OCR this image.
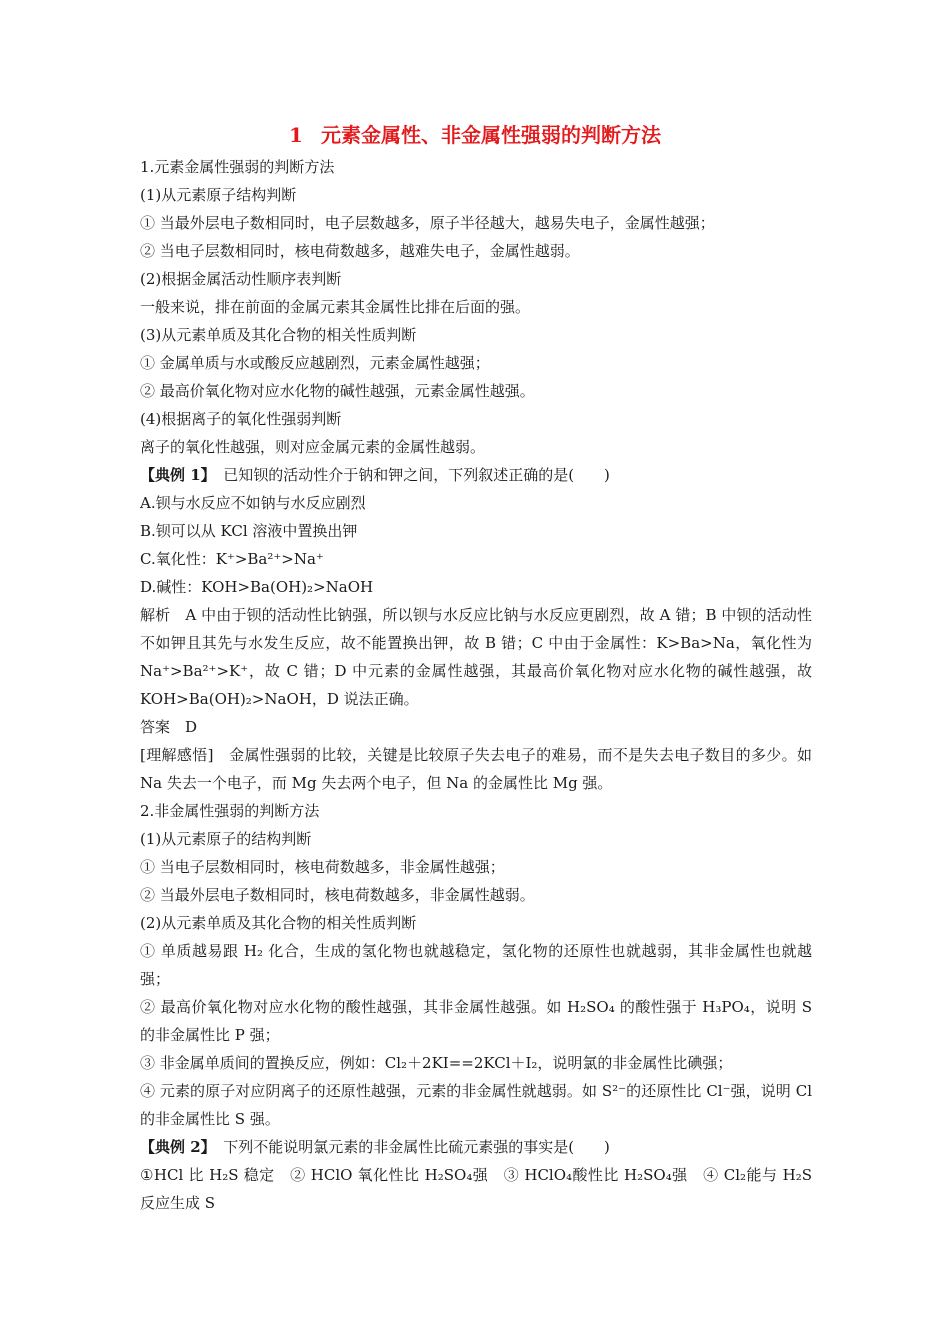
1 元素金属性、非金属性强弱的判断方法

1.元素金属性强弱的判断方法

(1)从元素原子结构判断

① 当最外层电子数相同时，电子层数越多，原子半径越大，越易失电子，金属性越强；

② 当电子层数相同时，核电荷数越多，越难失电子，金属性越弱。

(2)根据金属活动性顺序表判断

一般来说，排在前面的金属元素其金属性比排在后面的强。

(3)从元素单质及其化合物的相关性质判断

① 金属单质与水或酸反应越剧烈，元素金属性越强；

② 最高价氧化物对应水化物的碱性越强，元素金属性越强。

(4)根据离子的氧化性强弱判断

离子的氧化性越强，则对应金属元素的金属性越弱。

【典例 1】　 已知钡的活动性介于钠和钾之间，下列叙述正确的是(　　)

A.钡与水反应不如钠与水反应剧烈

B.钡可以从 KCl 溶液中置换出钾

C.氧化性：K⁺>Ba²⁺>Na⁺

D.碱性：KOH>Ba(OH)₂>NaOH

解析　A 中由于钡的活动性比钠强，所以钡与水反应比钠与水反应更剧烈，故 A 错；B 中钡的活动性不如钾且其先与水发生反应，故不能置换出钾，故 B 错；C 中由于金属性：K>Ba>Na，氧化性为 Na⁺>Ba²⁺>K⁺，故 C 错；D 中元素的金属性越强，其最高价氧化物对应水化物的碱性越强，故 KOH>Ba(OH)₂>NaOH，D 说法正确。

答案　D

[理解感悟]　金属性强弱的比较，关键是比较原子失去电子的难易，而不是失去电子数目的多少。如 Na 失去一个电子，而 Mg 失去两个电子，但 Na 的金属性比 Mg 强。

2.非金属性强弱的判断方法

(1)从元素原子的结构判断

① 当电子层数相同时，核电荷数越多，非金属性越强；

② 当最外层电子数相同时，核电荷数越多，非金属性越弱。

(2)从元素单质及其化合物的相关性质判断

① 单质越易跟 H₂ 化合，生成的氢化物也就越稳定，氢化物的还原性也就越弱，其非金属性也就越强；

② 最高价氧化物对应水化物的酸性越强，其非金属性越强。如 H₂SO₄ 的酸性强于 H₃PO₄，说明 S 的非金属性比 P 强；

③ 非金属单质间的置换反应，例如：Cl₂＋2KI==2KCl＋I₂，说明氯的非金属性比碘强；

④ 元素的原子对应阴离子的还原性越强，元素的非金属性就越弱。如 S²⁻的还原性比 Cl⁻强，说明 Cl 的非金属性比 S 强。

【典例 2】　 下列不能说明氯元素的非金属性比硫元素强的事实是(　　)

①HCl 比 H₂S 稳定　② HClO 氧化性比 H₂SO₄强　③ HClO₄酸性比 H₂SO₄强　④ Cl₂能与 H₂S 反应生成 S
